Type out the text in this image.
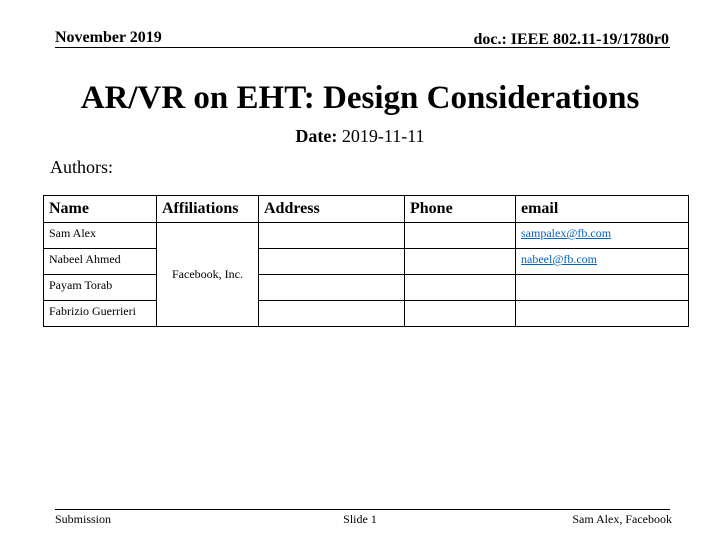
November 2019	doc.: IEEE 802.11-19/1780r0
AR/VR on EHT: Design Considerations
Date: 2019-11-11
Authors:
Name	Affiliations	Address	Phone	email
Sam Alex	Facebook, Inc.			sampalex@fb.com
Nabeel Ahmed				nabeel@fb.com
Payam Torab				
Fabrizio Guerrieri				
Submission	Slide 1	Sam Alex, Facebook
